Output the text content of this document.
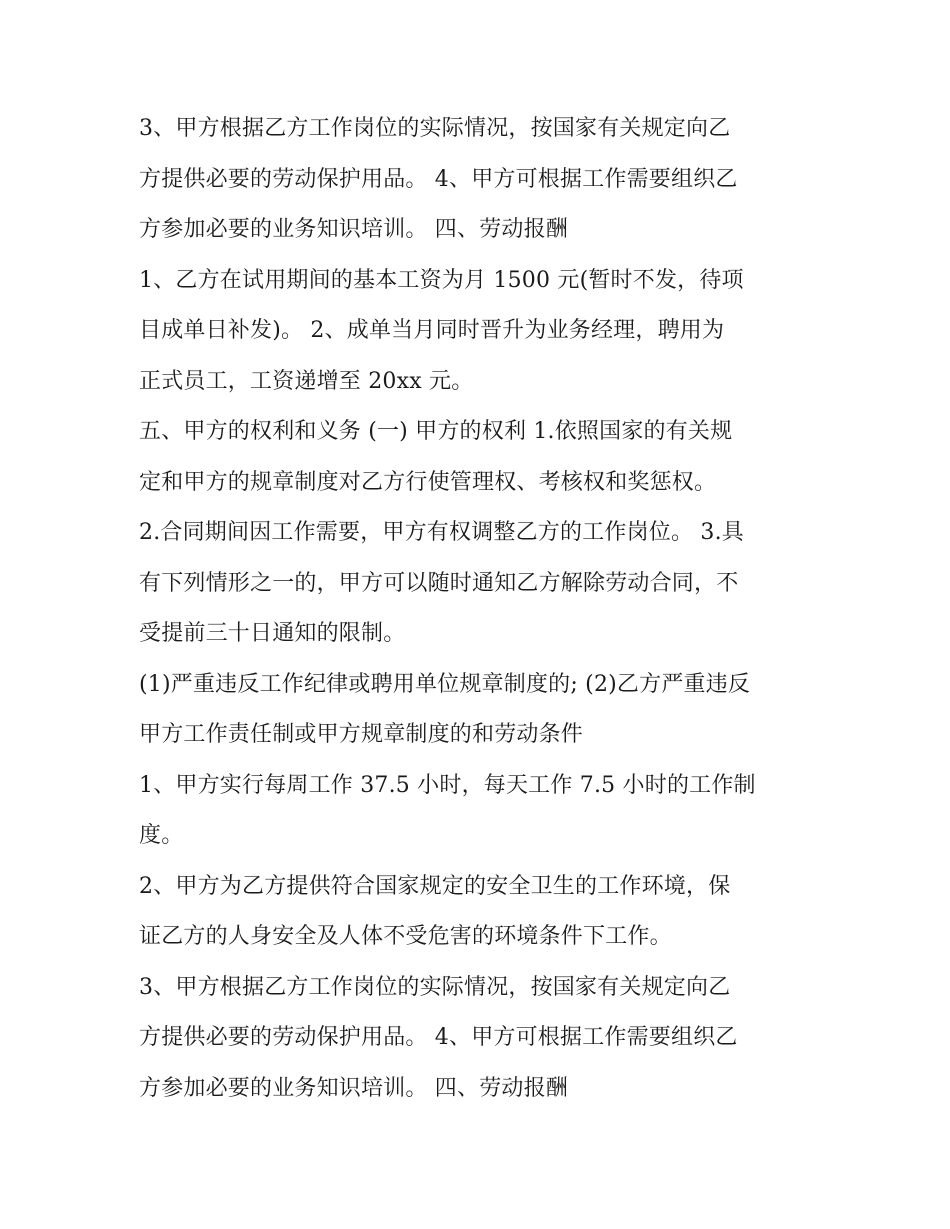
3、甲方根据乙方工作岗位的实际情况，按国家有关规定向乙
方提供必要的劳动保护用品。 4、甲方可根据工作需要组织乙
方参加必要的业务知识培训。 四、劳动报酬
1、乙方在试用期间的基本工资为月 1500 元(暂时不发，待项
目成单日补发)。 2、成单当月同时晋升为业务经理，聘用为
正式员工，工资递增至 20xx 元。
五、甲方的权利和义务 (一) 甲方的权利 1.依照国家的有关规
定和甲方的规章制度对乙方行使管理权、考核权和奖惩权。
2.合同期间因工作需要，甲方有权调整乙方的工作岗位。 3.具
有下列情形之一的，甲方可以随时通知乙方解除劳动合同，不
受提前三十日通知的限制。
(1)严重违反工作纪律或聘用单位规章制度的; (2)乙方严重违反
甲方工作责任制或甲方规章制度的和劳动条件
1、甲方实行每周工作 37.5 小时，每天工作 7.5 小时的工作制
度。
2、甲方为乙方提供符合国家规定的安全卫生的工作环境，保
证乙方的人身安全及人体不受危害的环境条件下工作。
3、甲方根据乙方工作岗位的实际情况，按国家有关规定向乙
方提供必要的劳动保护用品。 4、甲方可根据工作需要组织乙
方参加必要的业务知识培训。 四、劳动报酬
